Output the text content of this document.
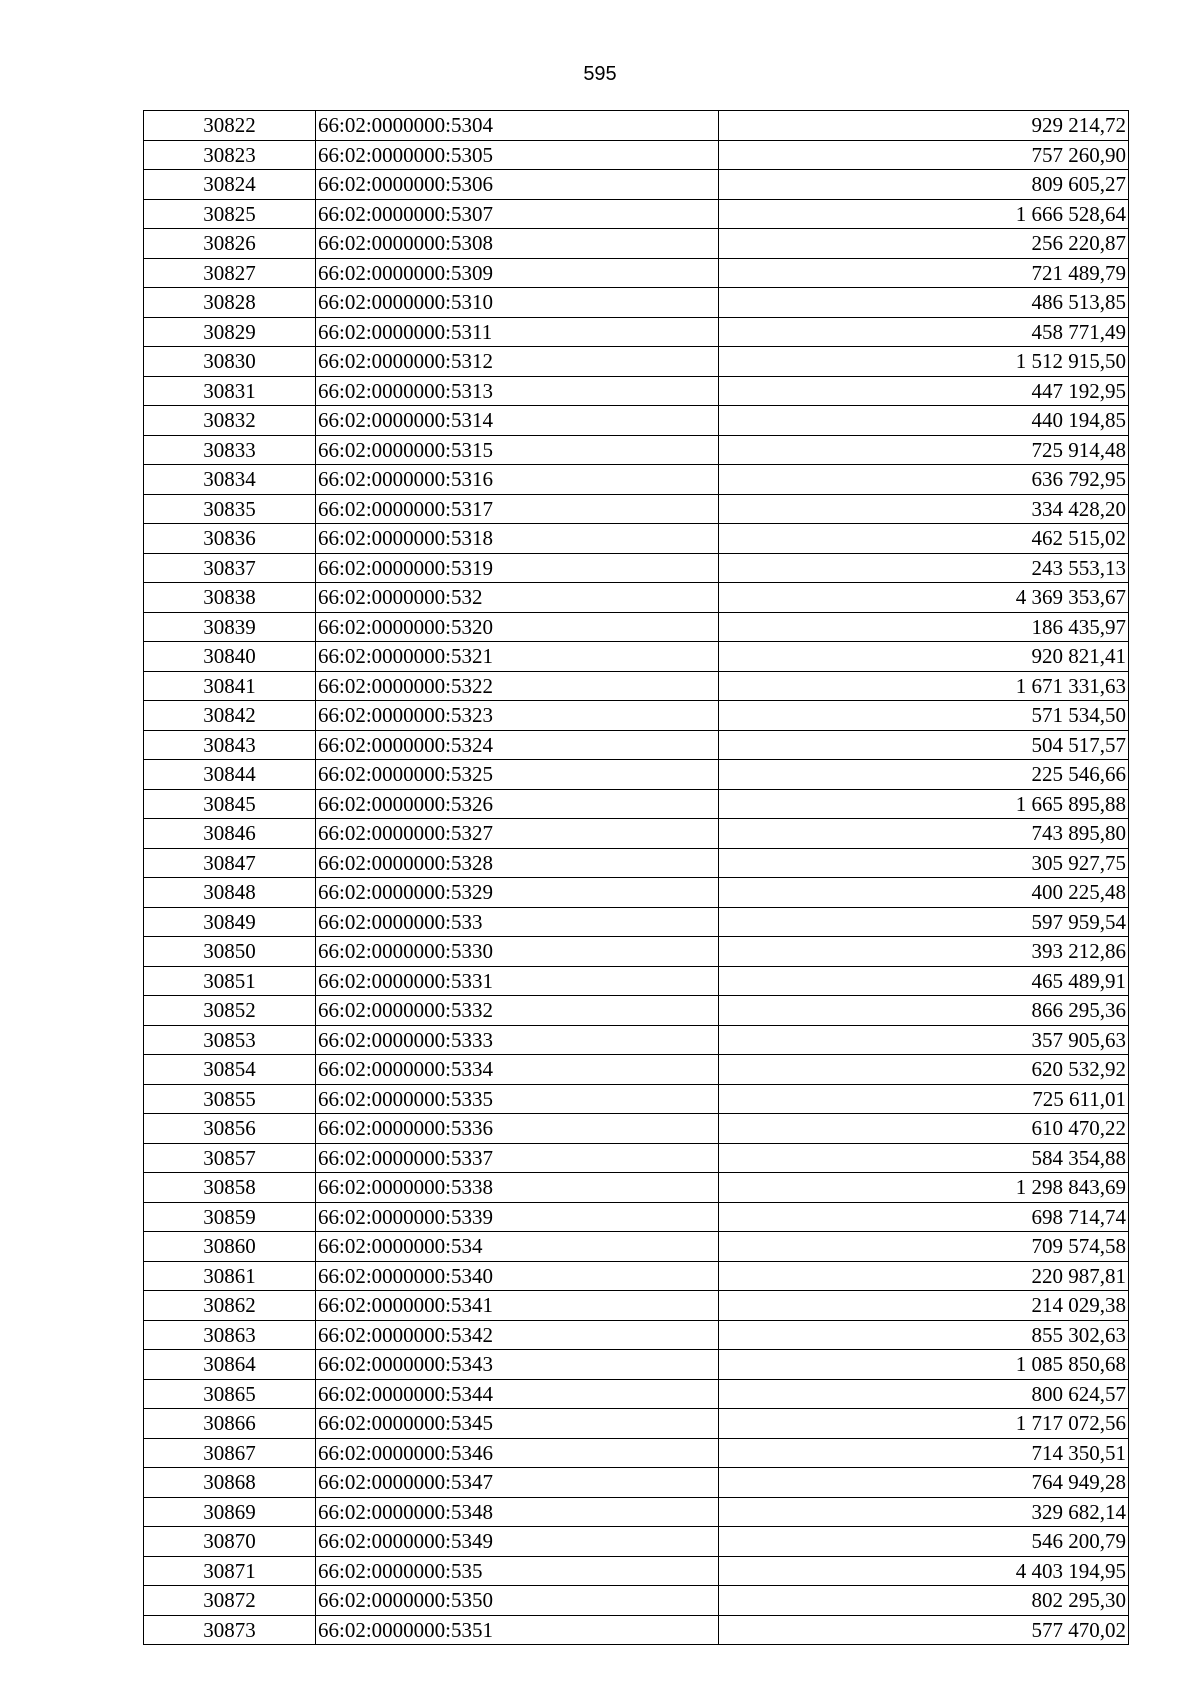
595
30822	66:02:0000000:5304	929 214,72
30823	66:02:0000000:5305	757 260,90
30824	66:02:0000000:5306	809 605,27
30825	66:02:0000000:5307	1 666 528,64
30826	66:02:0000000:5308	256 220,87
30827	66:02:0000000:5309	721 489,79
30828	66:02:0000000:5310	486 513,85
30829	66:02:0000000:5311	458 771,49
30830	66:02:0000000:5312	1 512 915,50
30831	66:02:0000000:5313	447 192,95
30832	66:02:0000000:5314	440 194,85
30833	66:02:0000000:5315	725 914,48
30834	66:02:0000000:5316	636 792,95
30835	66:02:0000000:5317	334 428,20
30836	66:02:0000000:5318	462 515,02
30837	66:02:0000000:5319	243 553,13
30838	66:02:0000000:532	4 369 353,67
30839	66:02:0000000:5320	186 435,97
30840	66:02:0000000:5321	920 821,41
30841	66:02:0000000:5322	1 671 331,63
30842	66:02:0000000:5323	571 534,50
30843	66:02:0000000:5324	504 517,57
30844	66:02:0000000:5325	225 546,66
30845	66:02:0000000:5326	1 665 895,88
30846	66:02:0000000:5327	743 895,80
30847	66:02:0000000:5328	305 927,75
30848	66:02:0000000:5329	400 225,48
30849	66:02:0000000:533	597 959,54
30850	66:02:0000000:5330	393 212,86
30851	66:02:0000000:5331	465 489,91
30852	66:02:0000000:5332	866 295,36
30853	66:02:0000000:5333	357 905,63
30854	66:02:0000000:5334	620 532,92
30855	66:02:0000000:5335	725 611,01
30856	66:02:0000000:5336	610 470,22
30857	66:02:0000000:5337	584 354,88
30858	66:02:0000000:5338	1 298 843,69
30859	66:02:0000000:5339	698 714,74
30860	66:02:0000000:534	709 574,58
30861	66:02:0000000:5340	220 987,81
30862	66:02:0000000:5341	214 029,38
30863	66:02:0000000:5342	855 302,63
30864	66:02:0000000:5343	1 085 850,68
30865	66:02:0000000:5344	800 624,57
30866	66:02:0000000:5345	1 717 072,56
30867	66:02:0000000:5346	714 350,51
30868	66:02:0000000:5347	764 949,28
30869	66:02:0000000:5348	329 682,14
30870	66:02:0000000:5349	546 200,79
30871	66:02:0000000:535	4 403 194,95
30872	66:02:0000000:5350	802 295,30
30873	66:02:0000000:5351	577 470,02
